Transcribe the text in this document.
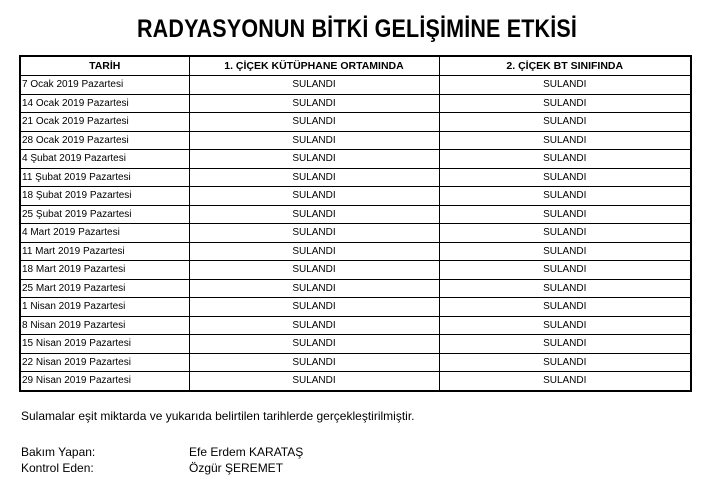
RADYASYONUN BİTKİ GELİŞİMİNE ETKİSİ
TARİH	1. ÇİÇEK KÜTÜPHANE ORTAMINDA	2. ÇİÇEK BT SINIFINDA
7 Ocak 2019 Pazartesi	SULANDI	SULANDI
14 Ocak 2019 Pazartesi	SULANDI	SULANDI
21 Ocak 2019 Pazartesi	SULANDI	SULANDI
28 Ocak 2019 Pazartesi	SULANDI	SULANDI
4 Şubat 2019 Pazartesi	SULANDI	SULANDI
11 Şubat 2019 Pazartesi	SULANDI	SULANDI
18 Şubat 2019 Pazartesi	SULANDI	SULANDI
25 Şubat 2019 Pazartesi	SULANDI	SULANDI
4 Mart 2019 Pazartesi	SULANDI	SULANDI
11 Mart 2019 Pazartesi	SULANDI	SULANDI
18 Mart 2019 Pazartesi	SULANDI	SULANDI
25 Mart 2019 Pazartesi	SULANDI	SULANDI
1 Nisan 2019 Pazartesi	SULANDI	SULANDI
8 Nisan 2019 Pazartesi	SULANDI	SULANDI
15 Nisan 2019 Pazartesi	SULANDI	SULANDI
22 Nisan 2019 Pazartesi	SULANDI	SULANDI
29 Nisan 2019 Pazartesi	SULANDI	SULANDI
Sulamalar eşit miktarda ve yukarıda belirtilen tarihlerde gerçekleştirilmiştir.
Bakım Yapan:	Efe Erdem KARATAŞ
Kontrol Eden:	Özgür ŞEREMET
